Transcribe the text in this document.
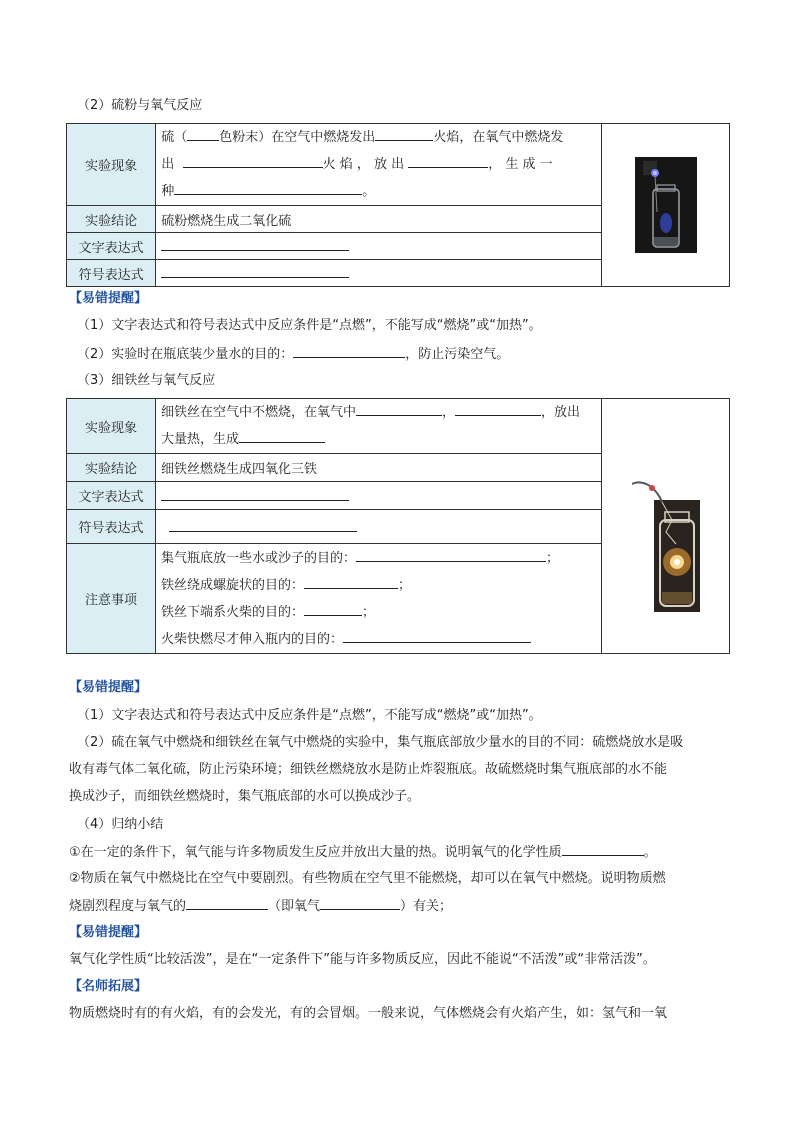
（2）硫粉与氧气反应
实验现象	硫（ 色粉末）在空气中燃烧发出 火焰，在氧气中燃烧发
出 火 焰 ， 放 出 ， 生 成 一
种 。

实验结论	硫粉燃烧生成二氧化硫	
文字表达式		
符号表达式		
【易错提醒】
（1）文字表达式和符号表达式中反应条件是“点燃”，不能写成“燃烧”或“加热”。
（2）实验时在瓶底装少量水的目的：	，防止污染空气。
（3）细铁丝与氧气反应
实验现象	细铁丝在空气中不燃烧，在氧气中 ， ，放出
大量热，生成

实验结论	细铁丝燃烧生成四氧化三铁	
文字表达式		
符号表达式		
注意事项	集气瓶底放一些水或沙子的目的： ；
铁丝绕成螺旋状的目的： ；
铁丝下端系火柴的目的： ；
火柴快燃尽才伸入瓶内的目的：	
【易错提醒】
（1）文字表达式和符号表达式中反应条件是“点燃”，不能写成“燃烧”或“加热”。
（2）硫在氧气中燃烧和细铁丝在氧气中燃烧的实验中，集气瓶底部放少量水的目的不同：硫燃烧放水是吸
收有毒气体二氧化硫，防止污染环境；细铁丝燃烧放水是防止炸裂瓶底。故硫燃烧时集气瓶底部的水不能
换成沙子，而细铁丝燃烧时，集气瓶底部的水可以换成沙子。
（4）归纳小结
①在一定的条件下，氧气能与许多物质发生反应并放出大量的热。说明氧气的化学性质	。
②物质在氧气中燃烧比在空气中要剧烈。有些物质在空气里不能燃烧，却可以在氧气中燃烧。说明物质燃
烧剧烈程度与氧气的	（即氧气	）有关；
【易错提醒】
氧气化学性质“比较活泼”，是在“一定条件下”能与许多物质反应，因此不能说“不活泼”或“非常活泼”。
【名师拓展】
物质燃烧时有的有火焰，有的会发光，有的会冒烟。一般来说，气体燃烧会有火焰产生，如：氢气和一氧
